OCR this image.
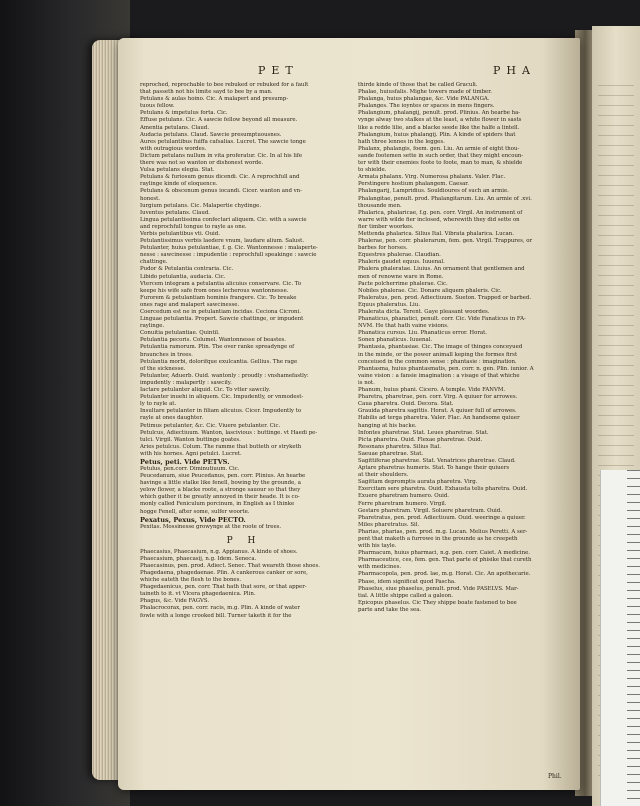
PET	PHA
reproched, reprochable to bee rebuked or rebuked for a fault
that passeth not his limite sayd to bee by a man.
Petulans & aulas hoino. Cic. A malapert and presump-
tuous fellow.
Petulans & impetulus forta. Cic.
Effuse petulans. Cic. A sawcie fellow beyond all measure.
Amentia petulans. Claud.
Audacia petulans. Claud. Sawcie presumptuousnes.
Aures petulantibus fuiffa cafsalias. Lucret. The sawcie tonge
with outragious wordes.
Dictum petulans nullum in vita proferatur. Cic. In al his life
there was not so wanton or dishonest worde.
Vulsa petulans elegia. Stat.
Petulans & furiosum genus dicendi. Cic. A reprochfull and
raylinge kinde of eloquence.
Petulans & obscenum genus iocandi. Cicer. wanton and vn-
honest.
Iurgium petulans. Cic. Malapertie chydinge.
Iuventus petulans. Claud.
Lingua petulantissima confectari aliquem. Cic. with a sawcie
and reprochfull tongue to rayle as one.
Verbis petulantibus vti. Ouid.
Petulantissimus verbis laedere vnum, laudare alium. Salust.
Petulanter, huius petulantiae, f. g. Cic. Wantonnesse : malaperte-
nesse : sawcinesse : impudentie : reprochfull speakinge : sawcie
chattinge.
Pudor & Petulantia contraria. Cic.
Libido petulantia, audacia. Cic.
Vtercem integram a petulantia alicuius conservare. Cic. To
keepe his wife safe from ones lecherous wantonnesse.
Furorem & petulantiam hominis frangere. Cic. To breake
ones rage and malapert sawcinesse.
Coercedum est ne in petulantiam incidas. Ceciona Cicroni.
Linguae petulantia. Propert. Sawcie chattinge, or impudent
raylinge.
Conuitia petulantiae. Quintil.
Petulantia pecoris. Columel. Wantonnesse of beastes.
Petulantia ramorum. Plin. The over ranke spreadynge of
braunches in trees.
Petulantia morbi, dolorifque exulcantia. Gellius. The rage
of the sicknesse.
Petulanter, Aduerb. Ouid. wantonly : proudly : vnshamefastly:
impudently : malapertly : sawcily.
Iactare petulanter aliquid. Cic. To vtter sawcily.
Petulanter inuehi in aliquem. Cic. Impudently, or vnmodest-
ly to rayle at.
Insultare petulanter in filiam alicuius. Cicer. Impudently to
rayle at ones daughter.
Petimus petulanter, &c. Cic. Viuere petulanter. Cic.
Petulcus, Adiectiuum. Wanton, lascivious : buttinge. vt Haedi pe-
tulci. Virgil. Wanton buttinge goates.
Aries petulcus. Colum. The ramme that butteth or stryketh
with his hornes. Agni petulci. Lucret.
Petus, peti. Vide PETVS.
Petulus, pen.corr. Diminutiuum. Cic.
Peucedanum, siue Peucedanus, pen. corr. Plinius. An hearbe
havinge a little stalke like fenell, bowing by the grounde, a
yelow flower, a blacke roote, a stronge sauour so that they
which gather it be greatly annoyed in their heade. It is co-
monly called Feniculum porcinum, in English as I thinke
hogge Fenell, after some, sulfer woorte.
Pexatus, Pexus, Vide PECTO.
Pexitas. Mossinesse growynge at the roote of trees.
P H
Phaecasius, Phaecasium, n.g. Appianus. A kinde of shoes.
Phaecasium, phaecasij, n.g. Idem. Seneca.
Phaecasinus, pen. prod. Adiect. Senec. That weareth those shoes.
Phagedaena, phagedaenae. Plin. A cankerous canker or sore,
whiche eateth the flesh to the bones.
Phagedaenicus, pen. corr. That hath that sore, or that apper-
taineth to it. vt Vlcera phagedaenica. Plin.
Phagus, &c. Vide FAGVS.
Phalacrocorax, pen. corr. racis, m.g. Plin. A kinde of water
fowle with a longe crooked bill. Turner taketh it for the
thirde kinde of those that be called Graculi.
Phalae, huiusfalis. Mighe towers made of timber.
Phalanga, huius phalangae, &c. Vide PALANGA.
Phalanges. The ioyntes or spaces in mens fingers.
Phalangium, phalangij, penult. prod. Plinius. An hearbe ha-
vynge alway two stalkes at the least, a white flower in sasts
like a redde lilie, and a blacke seede like the halfe a lintell.
Phalangium, huius phalangij. Plin. A kinde of spiders that
hath three lennes in the legges.
Phalanx, phalangis, foem. gen. Liu. An armie of eight thou-
sande footemen sette in such order, that they might encoun-
ter with their enemies foote to foote, man to man, & shielde
to shielde.
Armata phalanx. Virg. Numerosa phalanx. Valer. Flac.
Perstingere hostium phalangem. Caesar.
Phalangarij, Lampridius. Souldioures of such an armie.
Phalangitae, penult. prod. Phalangitarum. Liu. An armie of .xvi.
thousande men.
Phalarica, phalaricae, f.g. pen. corr. Virgil. An instrument of
warre with wilde fier inclosed, wherewith they did sette on
fier timber woorkes.
Mettenda phalarica. Silius Ital. Vibrata phalarica. Lucan.
Phalerae, pen. corr. phalerarum, fem. gen. Virgil. Trappures, or
barbes for horses.
Equestres phalerae. Claudian.
Phaleris gaudet equus. Iuuenal.
Phalera phaleratae. Liuius. An ornament that gentlemen and
men of renowne ware in Rome.
Pacte polcherrime phalerae. Cic.
Nobiles phalerae. Cic. Donare aliquem phaleris. Cic.
Phaleratus, pen. prod. Adiectiuum. Sueton. Trapped or barbed.
Equus phaleratus. Liu.
Phalerata dicta. Terent. Gaye pleasant woordes.
Phanaticus, phanatici, penult. corr. Cic. Vide Fanaticus in FA-
NVM. He that hath vaine visions.
Phanatica cursus. Liu. Phanaticus error. Horat.
Sonex phanaticus. Iuuenal.
Phantasia, phantasiae. Cic. The image of thinges conceyued
in the minde, or the power animall keping the formes first
conceiued in the common sense : phantasie : imagination.
Phantasma, huius phantasmatis, pen. corr. n. gen. Plin. iunior. A
vaine vision : a fansie imagination : a visage of that whiche
is not.
Phanum, huius phani. Cicero. A temple. Vide FANVM.
Pharetra, pharetrae, pen. corr. Virg. A quiuer for arrowes.
Caua pharetra. Ouid. Decora. Stat.
Grauida pharetra sagittis. Horat. A quiuer full of arrowes.
Habilis ad terga pharetra. Valer. Flac. An handsome quiuer
hanging at his backe.
Infontes pharetrae. Stat. Leues pharetrae. Stat.
Picta pharetra. Ouid. Flexae pharetrae. Ouid.
Resonans pharetra. Silius Ital.
Saeuae pharetrae. Stat.
Sagittiferae pharetrae. Stat. Venatrices pharetrae. Claud.
Aptare pharetras humeris. Stat. To hange their quiuers
at their shoulders.
Sagittam depromptis aurata pharetra. Virg.
Exercitam sere pharetra. Ouid. Exhausta telis pharetra. Ouid.
Exuere pharetram humero. Ouid.
Ferre pharetram humero. Virgil.
Gestare pharetram. Virgil. Soluere pharetram. Ouid.
Pharetratus, pen. prod. Adiectiuum. Ouid. weeringe a quiuer.
Miles pharetratus. Sil.
Pharias, pharias, pen. prod. m.g. Lucan. Melius Peretti. A ser-
pent that maketh a furrowe in the grounde as he creepeth
with his tayle.
Pharmacum, huius pharmaci, n.g. pen. corr. Caiet. A medicine.
Pharmaceutice, ces, fem. gen. That parte of phisike that cureth
with medicines.
Pharmacopola, pen. prod. lae, m.g. Horat. Cic. An apothecarie.
Phase, idem significat quod Pascha.
Phaselus, siue phaselus, penult. prod. Vide PASELVS. Mar-
tial. A little shippe called a galeon.
Epicopus phaselus. Cic They shippe boate fastened to bee
parte and take the sea.
Phil.
